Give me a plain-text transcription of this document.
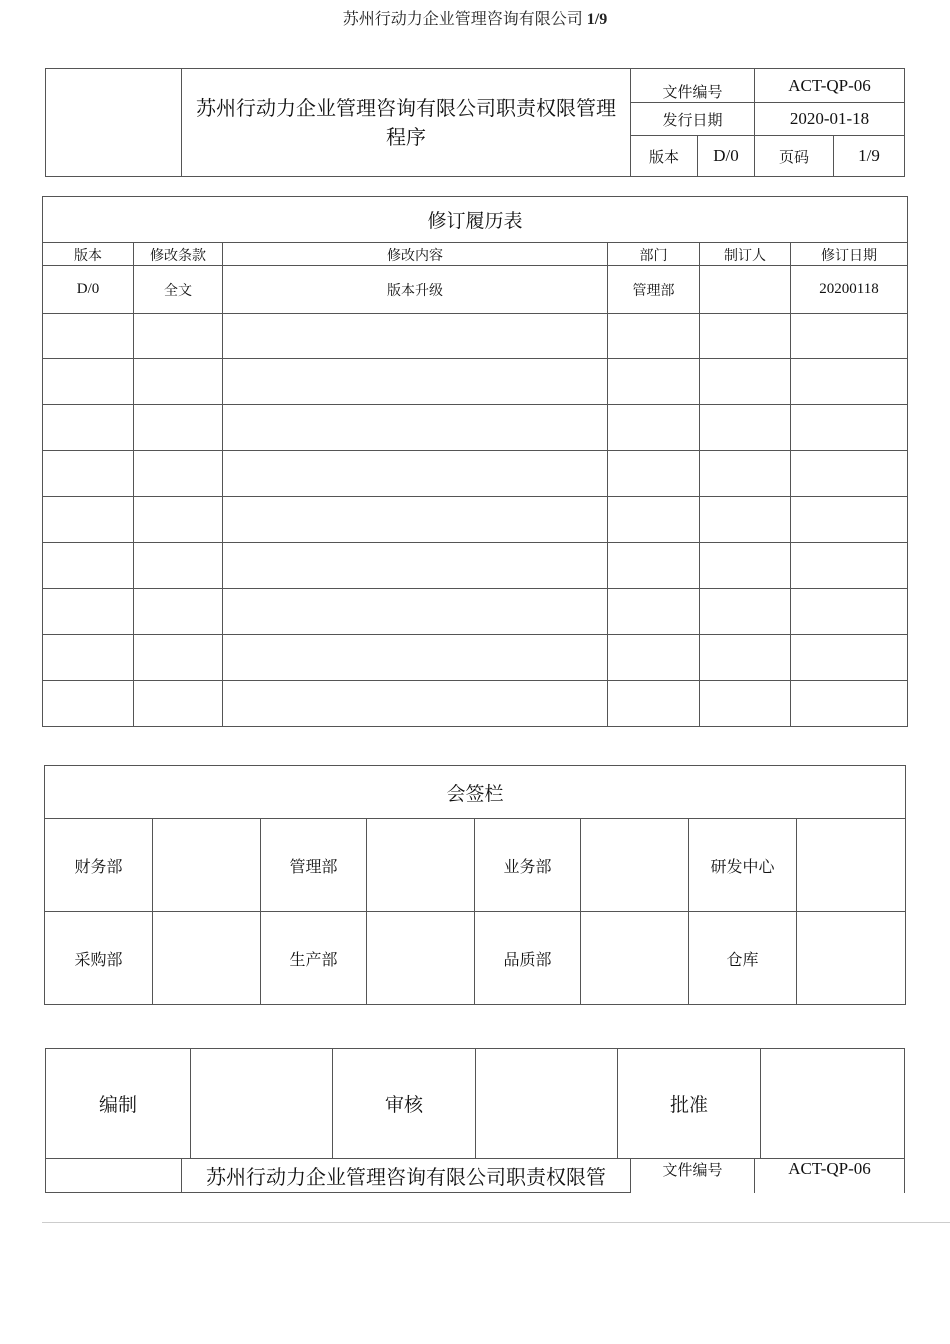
苏州行动力企业管理咨询有限公司 1/9
	苏州行动力企业管理咨询有限公司职责权限管理程序	文件编号		ACT-QP-06	
		发行日期		2020-01-18	
		版本	D/0	页码	1/9
修订履历表					
版本	修改条款	修改内容	部门	制订人	修订日期
D/0	全文	版本升级	管理部		20200118

会签栏							
财务部		管理部		业务部		研发中心	
采购部		生产部		品质部		仓库	
编制		审核		批准	
	苏州行动力企业管理咨询有限公司职责权限管	文件编号	ACT-QP-06
